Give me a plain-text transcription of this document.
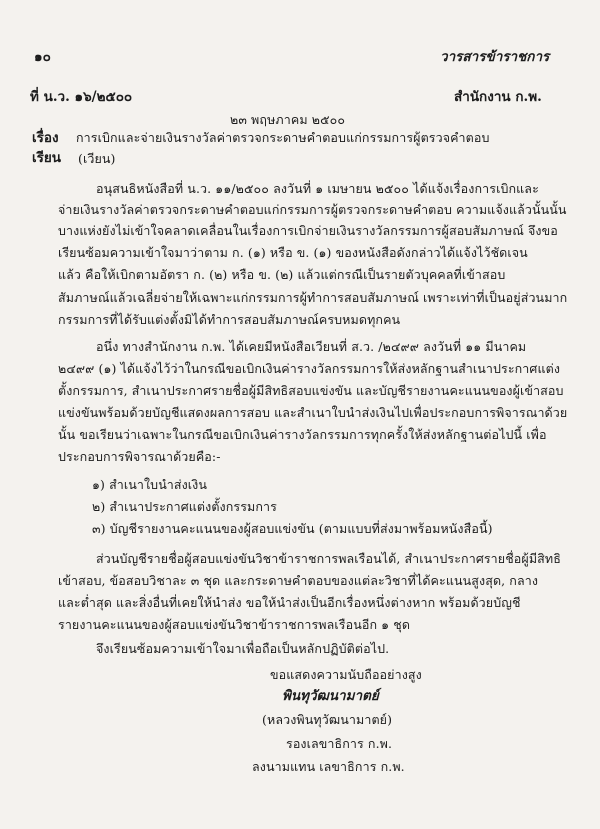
๑๐	วารสารข้าราชการ
ที่ น.ว. ๑๖/๒๕๐๐	สำนักงาน ก.พ.
๒๓ พฤษภาคม ๒๕๐๐
เรื่อง การเบิกและจ่ายเงินรางวัลค่าตรวจกระดาษคำตอบแก่กรรมการผู้ตรวจคำตอบ
เรียน (เวียน)
อนุสนธิหนังสือที่ น.ว. ๑๑/๒๕๐๐ ลงวันที่ ๑ เมษายน ๒๕๐๐ ได้แจ้งเรื่องการเบิกและ
จ่ายเงินรางวัลค่าตรวจกระดาษคำตอบแก่กรรมการผู้ตรวจกระดาษคำตอบ ความแจ้งแล้วนั้นนั้น
บางแห่งยังไม่เข้าใจคลาดเคลื่อนในเรื่องการเบิกจ่ายเงินรางวัลกรรมการผู้สอบสัมภาษณ์ จึงขอ
เรียนซ้อมความเข้าใจมาว่าตาม ก. (๑) หรือ ข. (๑) ของหนังสือดังกล่าวได้แจ้งไว้ชัดเจน
แล้ว คือให้เบิกตามอัตรา ก. (๒) หรือ ข. (๒) แล้วแต่กรณีเป็นรายตัวบุคคลที่เข้าสอบ
สัมภาษณ์แล้วเฉลี่ยจ่ายให้เฉพาะแก่กรรมการผู้ทำการสอบสัมภาษณ์ เพราะเท่าที่เป็นอยู่ส่วนมาก
กรรมการที่ได้รับแต่งตั้งมิได้ทำการสอบสัมภาษณ์ครบหมดทุกคน
อนึ่ง ทางสำนักงาน ก.พ. ได้เคยมีหนังสือเวียนที่ ส.ว. /๒๔๙๙ ลงวันที่ ๑๑ มีนาคม
๒๔๙๙ (๑) ได้แจ้งไว้ว่าในกรณีขอเบิกเงินค่ารางวัลกรรมการให้ส่งหลักฐานสำเนาประกาศแต่ง
ตั้งกรรมการ, สำเนาประกาศรายชื่อผู้มีสิทธิสอบแข่งขัน และบัญชีรายงานคะแนนของผู้เข้าสอบ
แข่งขันพร้อมด้วยบัญชีแสดงผลการสอบ และสำเนาใบนำส่งเงินไปเพื่อประกอบการพิจารณาด้วย
นั้น ขอเรียนว่าเฉพาะในกรณีขอเบิกเงินค่ารางวัลกรรมการทุกครั้งให้ส่งหลักฐานต่อไปนี้ เพื่อ
ประกอบการพิจารณาด้วยคือ:-
๑) สำเนาใบนำส่งเงิน
๒) สำเนาประกาศแต่งตั้งกรรมการ
๓) บัญชีรายงานคะแนนของผู้สอบแข่งขัน (ตามแบบที่ส่งมาพร้อมหนังสือนี้)
ส่วนบัญชีรายชื่อผู้สอบแข่งขันวิชาข้าราชการพลเรือนได้, สำเนาประกาศรายชื่อผู้มีสิทธิ
เข้าสอบ, ข้อสอบวิชาละ ๓ ชุด และกระดาษคำตอบของแต่ละวิชาที่ได้คะแนนสูงสุด, กลาง
และต่ำสุด และสิ่งอื่นที่เคยให้นำส่ง ขอให้นำส่งเป็นอีกเรื่องหนึ่งต่างหาก พร้อมด้วยบัญชี
รายงานคะแนนของผู้สอบแข่งขันวิชาข้าราชการพลเรือนอีก ๑ ชุด
จึงเรียนซ้อมความเข้าใจมาเพื่อถือเป็นหลักปฏิบัติต่อไป.
ขอแสดงความนับถืออย่างสูง
พินทุวัฒนามาตย์
(หลวงพินทุวัฒนามาตย์)
รองเลขาธิการ ก.พ.
ลงนามแทน เลขาธิการ ก.พ.
